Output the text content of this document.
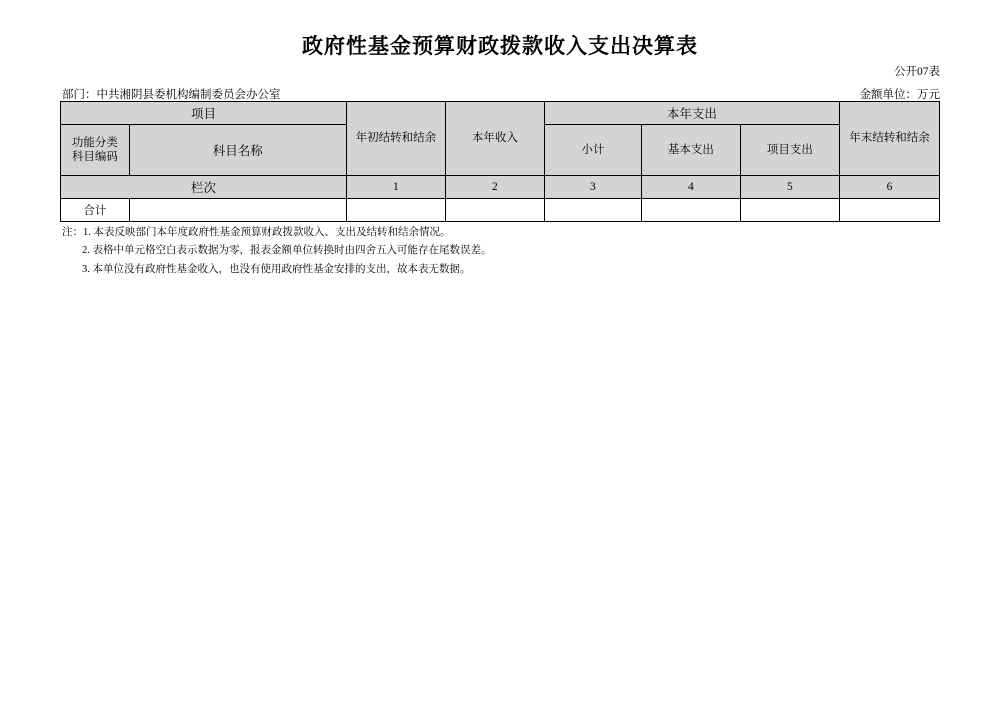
政府性基金预算财政拨款收入支出决算表
公开07表
部门：中共湘阴县委机构编制委员会办公室	金额单位：万元
项目		年初结转和结余	本年收入	本年支出			年末结转和结余

功能分类
科目编码	科目名称			小计	基本支出	项目支出	
栏次		1	2	3	4	5	6
合计							
注：1. 本表反映部门本年度政府性基金预算财政拨款收入、支出及结转和结余情况。
2. 表格中单元格空白表示数据为零，报表金额单位转换时由四舍五入可能存在尾数误差。
3. 本单位没有政府性基金收入，也没有使用政府性基金安排的支出，故本表无数据。
